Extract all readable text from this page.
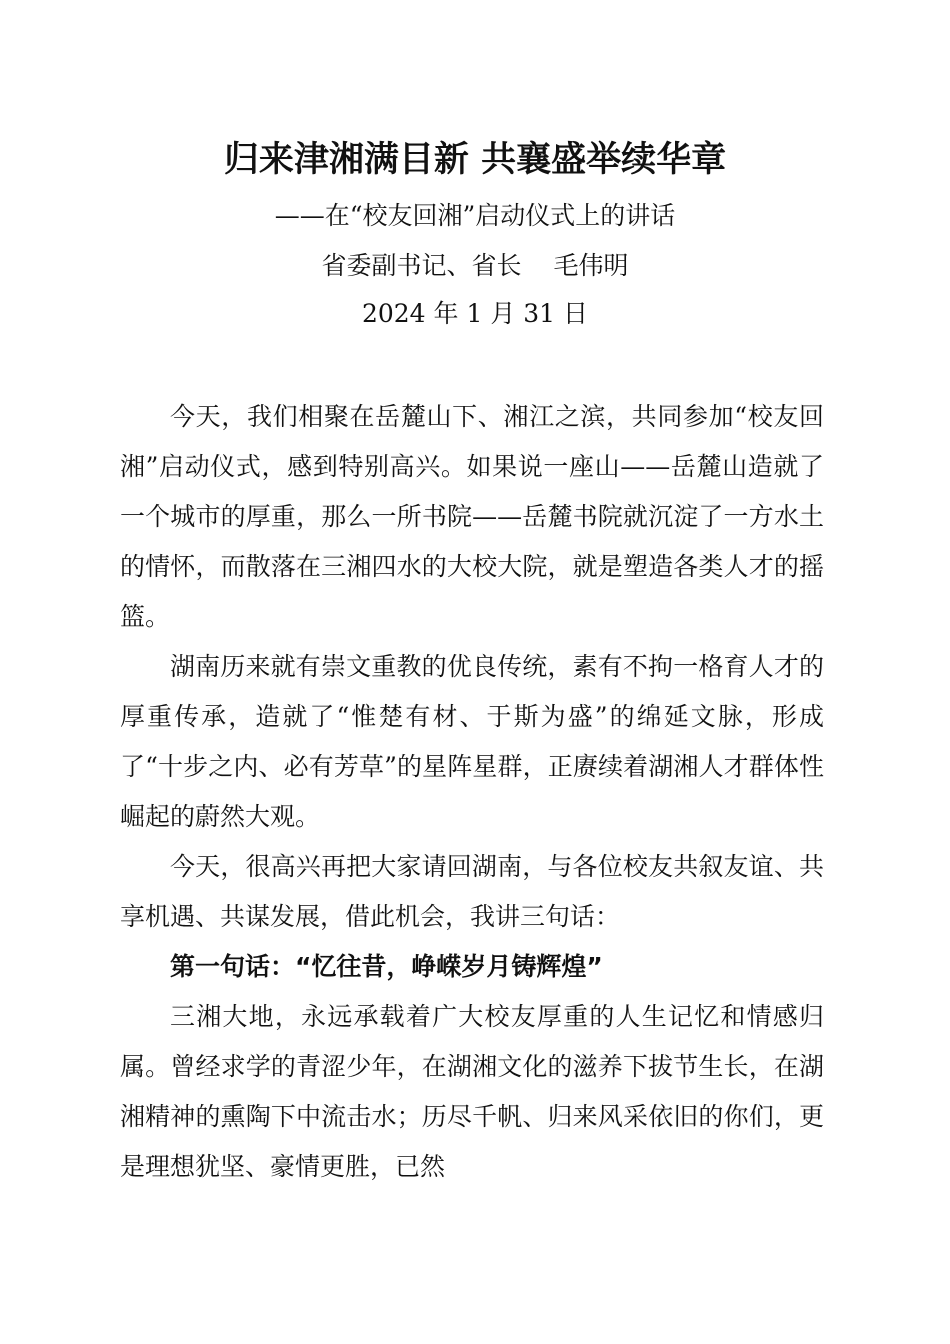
归来津湘满目新 共襄盛举续华章
——在“校友回湘”启动仪式上的讲话
省委副书记、省长 毛伟明
2024 年 1 月 31 日

今天，我们相聚在岳麓山下、湘江之滨，共同参加“校友回湘”启动仪式，感到特别高兴。如果说一座山——岳麓山造就了一个城市的厚重，那么一所书院——岳麓书院就沉淀了一方水土的情怀，而散落在三湘四水的大校大院，就是塑造各类人才的摇篮。

湖南历来就有崇文重教的优良传统，素有不拘一格育人才的厚重传承，造就了“惟楚有材、于斯为盛”的绵延文脉，形成了“十步之内、必有芳草”的星阵星群，正赓续着湖湘人才群体性崛起的蔚然大观。

今天，很高兴再把大家请回湖南，与各位校友共叙友谊、共享机遇、共谋发展，借此机会，我讲三句话：

第一句话：“忆往昔，峥嵘岁月铸辉煌”

三湘大地，永远承载着广大校友厚重的人生记忆和情感归属。曾经求学的青涩少年，在湖湘文化的滋养下拔节生长，在湖湘精神的熏陶下中流击水；历尽千帆、归来风采依旧的你们，更是理想犹坚、豪情更胜，已然
